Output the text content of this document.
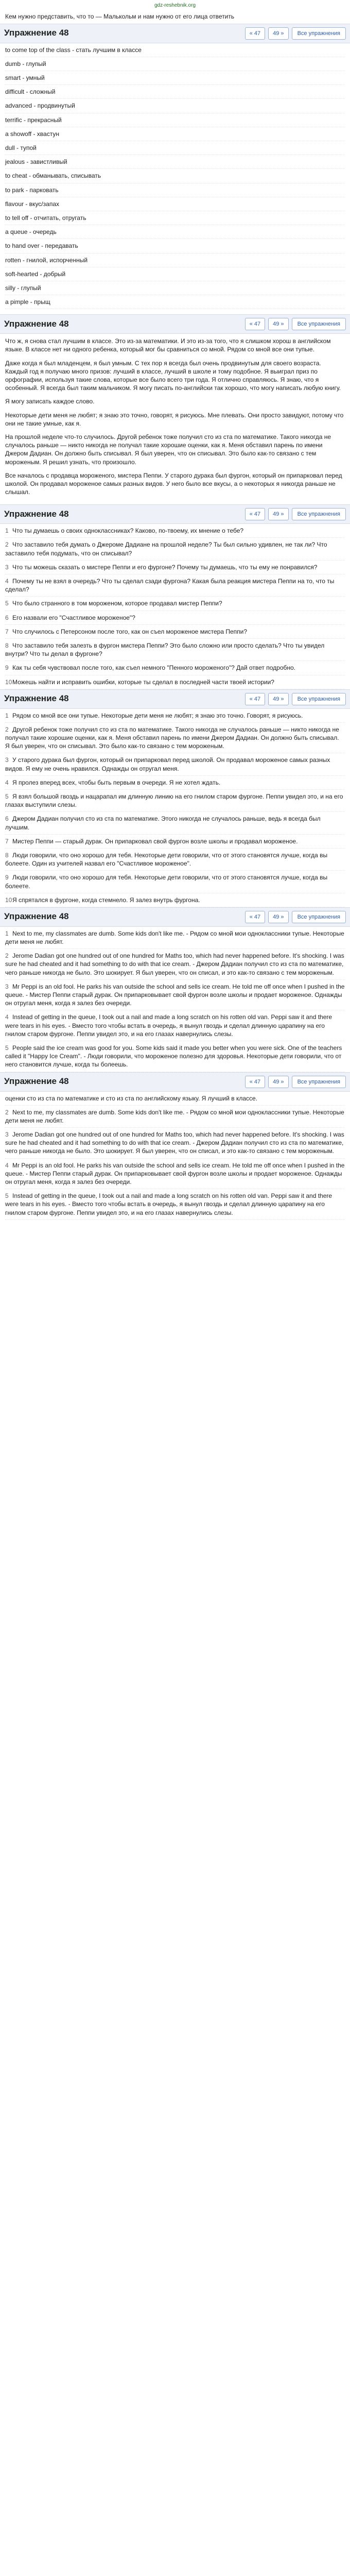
gdz-reshebnik.org
Кем нужно представить, что то — Малькольм и нам нужно от его лица ответить
Упражнение 48	« 47	49 »	Все упражнения
to come top of the class - стать лучшим в классе
dumb - глупый
smart - умный
difficult - сложный
advanced - продвинутый
terrific - прекрасный
a showoff - хвастун
dull - тупой
jealous - завистливый
to cheat - обманывать, списывать
to park - парковать
flavour - вкус/запах
to tell off - отчитать, отругать
a queue - очередь
to hand over - передавать
rotten - гнилой, испорченный
soft-hearted - добрый
silly - глупый
a pimple - прыщ
Упражнение 48	« 47	49 »	Все упражнения

Что ж, я снова стал лучшим в классе. Это из-за математики. И это из-за того, что я слишком хорош в английском языке. В классе нет ни одного ребенка, который мог бы сравниться со мной. Рядом со мной все они тупые.

Даже когда я был младенцем, я был умным. С тех пор я всегда был очень продвинутым для своего возраста. Каждый год я получаю много призов: лучший в классе, лучший в школе и тому подобное. Я выиграл приз по орфографии, используя такие слова, которые все было всего три года. Я отлично справляюсь. Я знаю, что я особенный. Я всегда был таким мальчиком. Я могу писать по-английски так хорошо, что могу написать любую книгу.

Я могу записать каждое слово.

Некоторые дети меня не любят; я знаю это точно, говорят, я рисуюсь. Мне плевать. Они просто завидуют, потому что они не такие умные, как я.

На прошлой неделе что-то случилось. Другой ребенок тоже получил сто из ста по математике. Такого никогда не случалось раньше — никто никогда не получал такие хорошие оценки, как я. Меня обставил парень по имени Джером Дадиан. Он должно быть списывал. Я был уверен, что он списывал. Это было как-то связано с тем мороженым. Я решил узнать, что произошло.

Все началось с продавца мороженого, мистера Пеппи. У старого дурака был фургон, который он припарковал перед школой. Он продавал мороженое самых разных видов. У него было все вкусы, а о некоторых я никогда раньше не слышал.

Упражнение 48	« 47	49 »	Все упражнения
1 Что ты думаешь о своих одноклассниках? Каково, по-твоему, их мнение о тебе?
2 Что заставило тебя думать о Джероме Дадиане на прошлой неделе? Ты был сильно удивлен, не так ли? Что заставило тебя подумать, что он списывал?
3 Что ты можешь сказать о мистере Пеппи и его фургоне? Почему ты думаешь, что ты ему не понравился?
4 Почему ты не взял в очередь? Что ты сделал сзади фургона? Какая была реакция мистера Пеппи на то, что ты сделал?
5 Что было странного в том мороженом, которое продавал мистер Пеппи?
6 Его назвали его "Счастливое мороженое"?
7 Что случилось с Петерсоном после того, как он съел мороженое мистера Пеппи?
8 Что заставило тебя залезть в фургон мистера Пеппи? Это было сложно или просто сделать? Что ты увидел внутри? Что ты делал в фургоне?
9 Как ты себя чувствовал после того, как съел немного "Пенного мороженого"? Дай ответ подробно.
10Можешь найти и исправить ошибки, которые ты сделал в последней части твоей истории?
Упражнение 48	« 47	49 »	Все упражнения
1 Рядом со мной все они тупые. Некоторые дети меня не любят; я знаю это точно. Говорят, я рисуюсь.
2 Другой ребенок тоже получил сто из ста по математике. Такого никогда не случалось раньше — никто никогда не получал такие хорошие оценки, как я. Меня обставил парень по имени Джером Дадиан. Он должно быть списывал. Я был уверен, что он списывал. Это было как-то связано с тем мороженым.
3 У старого дурака был фургон, который он припарковал перед школой. Он продавал мороженое самых разных видов. Я ему не очень нравился. Однажды он отругал меня.
4 Я пролез вперед всех, чтобы быть первым в очереди. Я не хотел ждать.
5 Я взял большой гвоздь и нацарапал им длинную линию на его гнилом старом фургоне. Пеппи увидел это, и на его глазах выступили слезы.
6 Джером Дадиан получил сто из ста по математике. Этого никогда не случалось раньше, ведь я всегда был лучшим.
7 Мистер Пеппи — старый дурак. Он припарковал свой фургон возле школы и продавал мороженое.
8 Люди говорили, что оно хорошо для тебя. Некоторые дети говорили, что от этого становятся лучше, когда вы болеете. Один из учителей назвал его "Счастливое мороженое".
9 Люди говорили, что оно хорошо для тебя. Некоторые дети говорили, что от этого становятся лучше, когда вы болеете.
10Я спрятался в фургоне, когда стемнело. Я залез внутрь фургона.
Упражнение 48	« 47	49 »	Все упражнения
1 Next to me, my classmates are dumb. Some kids don't like me. - Рядом со мной мои одноклассники тупые. Некоторые дети меня не любят.
2 Jerome Dadian got one hundred out of one hundred for Maths too, which had never happened before. It's shocking. I was sure he had cheated and it had something to do with that ice cream. - Джером Дадиан получил сто из ста по математике, чего раньше никогда не было. Это шокирует. Я был уверен, что он списал, и это как-то связано с тем мороженым.
3 Mr Peppi is an old fool. He parks his van outside the school and sells ice cream. He told me off once when I pushed in the queue. - Мистер Пеппи старый дурак. Он припарковывает свой фургон возле школы и продает мороженое. Однажды он отругал меня, когда я залез без очереди.
4 Instead of getting in the queue, I took out a nail and made a long scratch on his rotten old van. Peppi saw it and there were tears in his eyes. - Вместо того чтобы встать в очередь, я вынул гвоздь и сделал длинную царапину на его гнилом старом фургоне. Пеппи увидел это, и на его глазах навернулись слезы.
5 People said the ice cream was good for you. Some kids said it made you better when you were sick. One of the teachers called it "Happy Ice Cream". - Люди говорили, что мороженое полезно для здоровья. Некоторые дети говорили, что от него становится лучше, когда ты болеешь.
Упражнение 48	« 47	49 »	Все упражнения
оценки сто из ста по математике и сто из ста по английскому языку. Я лучший в классе.
2 Next to me, my classmates are dumb. Some kids don't like me. - Рядом со мной мои одноклассники тупые. Некоторые дети меня не любят.
3 Jerome Dadian got one hundred out of one hundred for Maths too, which had never happened before. It's shocking. I was sure he had cheated and it had something to do with that ice cream. - Джером Дадиан получил сто из ста по математике, чего раньше никогда не было. Это шокирует. Я был уверен, что он списал, и это как-то связано с тем мороженым.
4 Mr Peppi is an old fool. He parks his van outside the school and sells ice cream. He told me off once when I pushed in the queue. - Мистер Пеппи старый дурак. Он припарковывает свой фургон возле школы и продает мороженое. Однажды он отругал меня, когда я залез без очереди.
5 Instead of getting in the queue, I took out a nail and made a long scratch on his rotten old van. Peppi saw it and there were tears in his eyes. - Вместо того чтобы встать в очередь, я вынул гвоздь и сделал длинную царапину на его гнилом старом фургоне. Пеппи увидел это, и на его глазах навернулись слезы.
